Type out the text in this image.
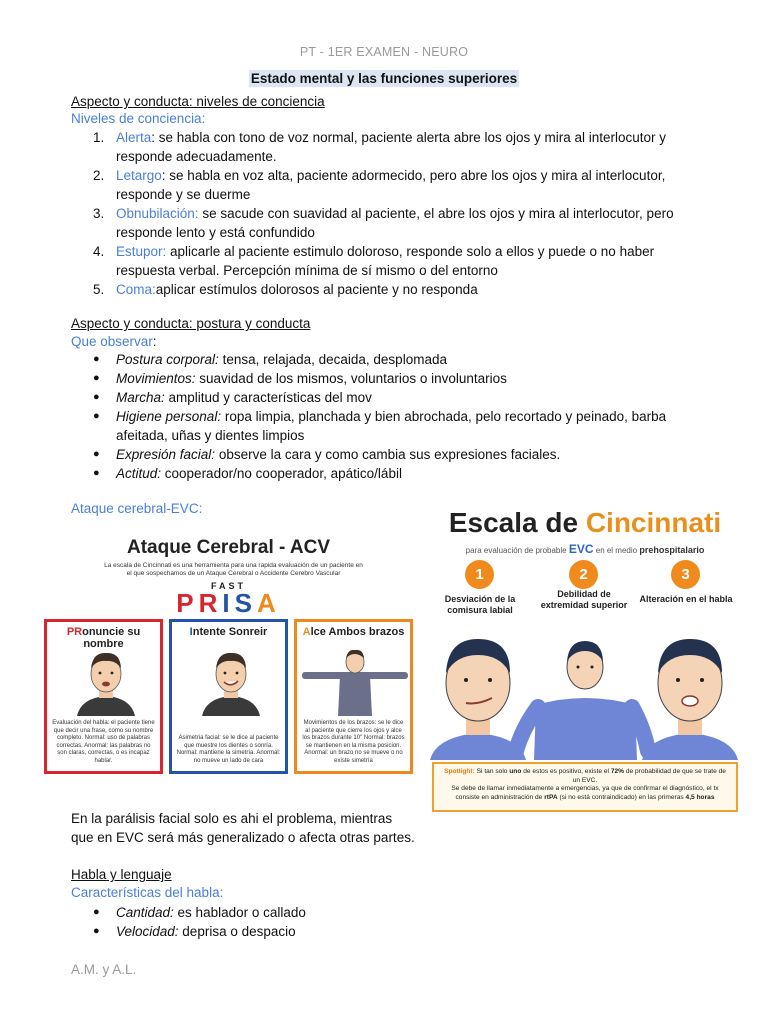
PT - 1ER EXAMEN - NEURO
Estado mental y las funciones superiores
Aspecto y conducta: niveles de conciencia
Niveles de conciencia:
1. Alerta: se habla con tono de voz normal, paciente alerta abre los ojos y mira al interlocutor y
responde adecuadamente.
2. Letargo: se habla en voz alta, paciente adormecido, pero abre los ojos y mira al interlocutor,
responde y se duerme
3. Obnubilación: se sacude con suavidad al paciente, el abre los ojos y mira al interlocutor, pero
responde lento y está confundido
4. Estupor: aplicarle al paciente estimulo doloroso, responde solo a ellos y puede o no haber
respuesta verbal. Percepción mínima de sí mismo o del entorno
5. Coma:aplicar estímulos dolorosos al paciente y no responda
Aspecto y conducta: postura y conducta
Que observar:
● Postura corporal: tensa, relajada, decaida, desplomada
● Movimientos: suavidad de los mismos, voluntarios o involuntarios
● Marcha: amplitud y características del mov
● Higiene personal: ropa limpia, planchada y bien abrochada, pelo recortado y peinado, barba
afeitada, uñas y dientes limpios
● Expresión facial: observe la cara y como cambia sus expresiones faciales.
● Actitud: cooperador/no cooperador, apático/lábil
Ataque cerebral-EVC:
Ataque Cerebral - ACV
La escala de Cincinnati es una herramienta para una rapida evaluación de un paciente en el que sospechamos de un Ataque Cerebral o Accidente Cerebro Vascular
FAST
PRISA
PRonuncie su nombre
Evaluación del habla: el paciente tiene que decir una frase, como su nombre completo. Normal: uso de palabras correctas. Anormal: las palabras no son claras, correctas, o es incapaz hablar.
Intente Sonreir
Asimetria facial: se le dice al paciente que muestre los dientes o sonría. Normal: mantiene la simetría. Anormal: no mueve un lado de cara
Alce Ambos brazos
Movimientos de los brazos: se le dice al paciente que cierre los ojos y alce los brazos durante 10" Normal: brazos se mantienen en la misma posicion. Anormal: un brazo no se mueve o no existe simetría
Escala de Cincinnati
para evaluación de probable EVC en el medio prehospitalario
1	2	3
Desviación de la comisura labial
Debilidad de extremidad superior
Alteración en el habla
Spotlight: Si tan solo uno de estos es positivo, existe el 72% de probabilidad de que se trate de un EVC.
Se debe de llamar inmediatamente a emergencias, ya que de confirmar el diagnóstico, el tx consiste en administración de rtPA (si no está contraindicado) en las primeras 4,5 horas
En la parálisis facial solo es ahi el problema, mientras
que en EVC será más generalizado o afecta otras partes.
Habla y lenguaje
Características del habla:
● Cantidad: es hablador o callado
● Velocidad: deprisa o despacio
A.M. y A.L.
